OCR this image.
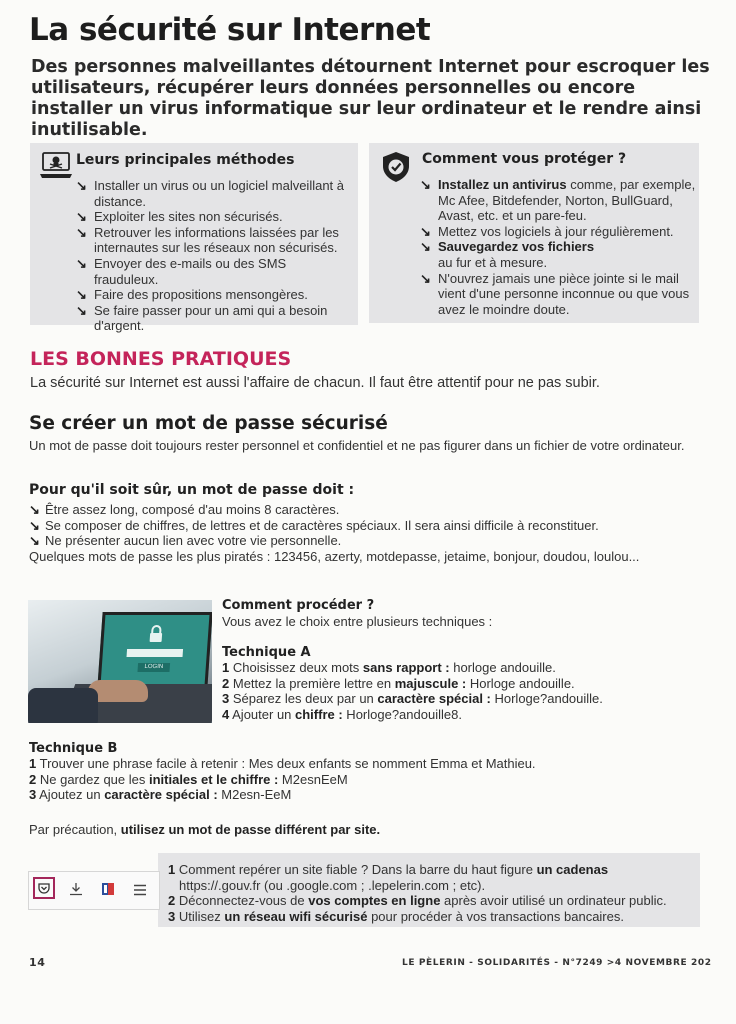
La sécurité sur Internet
Des personnes malveillantes détournent Internet pour escroquer les utilisateurs, récupérer leurs données personnelles ou encore installer un virus informatique sur leur ordinateur et le rendre ainsi inutilisable.
Leurs principales méthodes
↘ Installer un virus ou un logiciel malveillant à distance.
↘ Exploiter les sites non sécurisés.
↘ Retrouver les informations laissées par les internautes sur les réseaux non sécurisés.
↘ Envoyer des e-mails ou des SMS frauduleux.
↘ Faire des propositions mensongères.
↘ Se faire passer pour un ami qui a besoin d'argent.
Comment vous protéger ?
↘ Installez un antivirus comme, par exemple, Mc Afee, Bitdefender, Norton, BullGuard, Avast, etc. et un pare-feu.
↘ Mettez vos logiciels à jour régulièrement.
↘ Sauvegardez vos fichiers
au fur et à mesure.
↘ N'ouvrez jamais une pièce jointe si le mail vient d'une personne inconnue ou que vous avez le moindre doute.
LES BONNES PRATIQUES
La sécurité sur Internet est aussi l'affaire de chacun. Il faut être attentif pour ne pas subir.
Se créer un mot de passe sécurisé
Un mot de passe doit toujours rester personnel et confidentiel et ne pas figurer dans un fichier de votre ordinateur.
Pour qu'il soit sûr, un mot de passe doit :
↘ Être assez long, composé d'au moins 8 caractères.
↘ Se composer de chiffres, de lettres et de caractères spéciaux. Il sera ainsi difficile à reconstituer.
↘ Ne présenter aucun lien avec votre vie personnelle.
Quelques mots de passe les plus piratés : 123456, azerty, motdepasse, jetaime, bonjour, doudou, loulou...
LOGIN
Comment procéder ?
Vous avez le choix entre plusieurs techniques :
Technique A
1 Choisissez deux mots sans rapport : horloge andouille.
2 Mettez la première lettre en majuscule : Horloge andouille.
3 Séparez les deux par un caractère spécial : Horloge?andouille.
4 Ajouter un chiffre : Horloge?andouille8.
Technique B
1 Trouver une phrase facile à retenir : Mes deux enfants se nomment Emma et Mathieu.
2 Ne gardez que les initiales et le chiffre : M2esnEeM
3 Ajoutez un caractère spécial : M2esn-EeM
Par précaution, utilisez un mot de passe différent par site.
1 Comment repérer un site fiable ? Dans la barre du haut figure un cadenas
https://.gouv.fr (ou .google.com ; .lepelerin.com ; etc).
2 Déconnectez-vous de vos comptes en ligne après avoir utilisé un ordinateur public.
3 Utilisez un réseau wifi sécurisé pour procéder à vos transactions bancaires.
14	LE PÈLERIN - SOLIDARITÉS - N°7249 >4 NOVEMBRE 202
